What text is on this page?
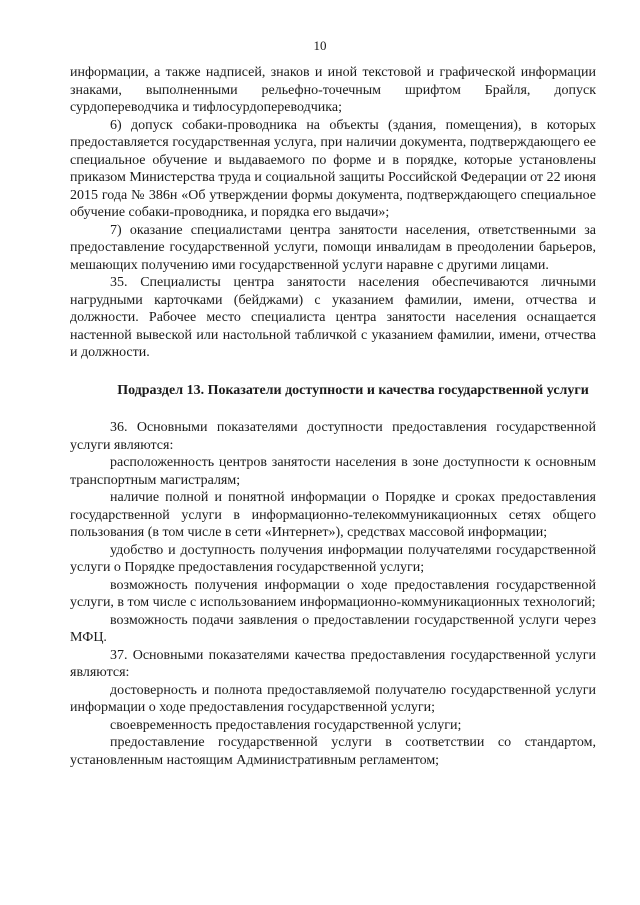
10

информации, а также надписей, знаков и иной текстовой и графической информации знаками, выполненными рельефно-точечным шрифтом Брайля, допуск сурдопереводчика и тифлосурдопереводчика;

6) допуск собаки-проводника на объекты (здания, помещения), в которых предоставляется государственная услуга, при наличии документа, подтверждающего ее специальное обучение и выдаваемого по форме и в порядке, которые установлены приказом Министерства труда и социальной защиты Российской Федерации от 22 июня 2015 года № 386н «Об утверждении формы документа, подтверждающего специальное обучение собаки-проводника, и порядка его выдачи»;

7) оказание специалистами центра занятости населения, ответственными за предоставление государственной услуги, помощи инвалидам в преодолении барьеров, мешающих получению ими государственной услуги наравне с другими лицами.

35. Специалисты центра занятости населения обеспечиваются личными нагрудными карточками (бейджами) с указанием фамилии, имени, отчества и должности. Рабочее место специалиста центра занятости населения оснащается настенной вывеской или настольной табличкой с указанием фамилии, имени, отчества и должности.

Подраздел 13. Показатели доступности и качества государственной услуги

36. Основными показателями доступности предоставления государственной услуги являются:

расположенность центров занятости населения в зоне доступности к основным транспортным магистралям;

наличие полной и понятной информации о Порядке и сроках предоставления государственной услуги в информационно-телекоммуникационных сетях общего пользования (в том числе в сети «Интернет»), средствах массовой информации;

удобство и доступность получения информации получателями государственной услуги о Порядке предоставления государственной услуги;

возможность получения информации о ходе предоставления государственной услуги, в том числе с использованием информационно-коммуникационных технологий;

возможность подачи заявления о предоставлении государственной услуги через МФЦ.

37. Основными показателями качества предоставления государственной услуги являются:

достоверность и полнота предоставляемой получателю государственной услуги информации о ходе предоставления государственной услуги;

своевременность предоставления государственной услуги;

предоставление государственной услуги в соответствии со стандартом, установленным настоящим Административным регламентом;
